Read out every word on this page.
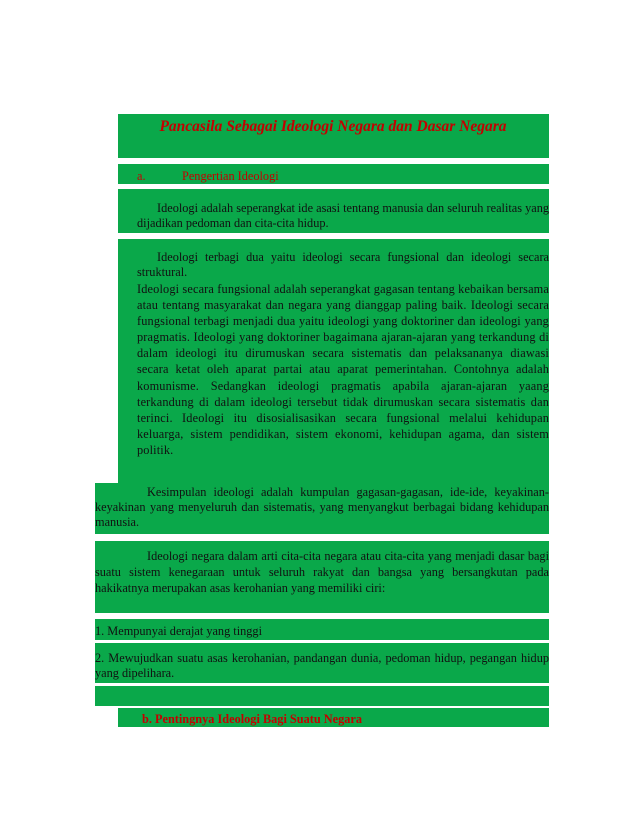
Pancasila Sebagai Ideologi Negara dan Dasar Negara
a.	Pengertian Ideologi
Ideologi adalah seperangkat ide asasi tentang manusia dan seluruh realitas yang dijadikan pedoman dan cita-cita hidup.
Ideologi terbagi dua yaitu ideologi secara fungsional dan ideologi secara struktural.
Ideologi secara fungsional adalah seperangkat gagasan tentang kebaikan bersama atau tentang masyarakat dan negara yang dianggap paling baik. Ideologi secara fungsional terbagi menjadi dua yaitu ideologi yang doktoriner dan ideologi yang pragmatis. Ideologi yang doktoriner bagaimana ajaran-ajaran yang terkandung di dalam ideologi itu dirumuskan secara sistematis dan pelaksananya diawasi secara ketat oleh aparat partai atau aparat pemerintahan. Contohnya adalah komunisme. Sedangkan ideologi pragmatis apabila ajaran-ajaran yaang terkandung di dalam ideologi tersebut tidak dirumuskan secara sistematis dan terinci. Ideologi itu disosialisasikan secara fungsional melalui kehidupan keluarga, sistem pendidikan, sistem ekonomi, kehidupan agama, dan sistem politik.
Kesimpulan ideologi adalah kumpulan gagasan-gagasan, ide-ide, keyakinan-keyakinan yang menyeluruh dan sistematis, yang menyangkut berbagai bidang kehidupan manusia.
Ideologi negara dalam arti cita-cita negara atau cita-cita yang menjadi dasar bagi suatu sistem kenegaraan untuk seluruh rakyat dan bangsa yang bersangkutan pada hakikatnya merupakan asas kerohanian yang memiliki ciri:
1. Mempunyai derajat yang tinggi
2. Mewujudkan suatu asas kerohanian, pandangan dunia, pedoman hidup, pegangan hidup yang dipelihara.
b. Pentingnya Ideologi Bagi Suatu Negara
